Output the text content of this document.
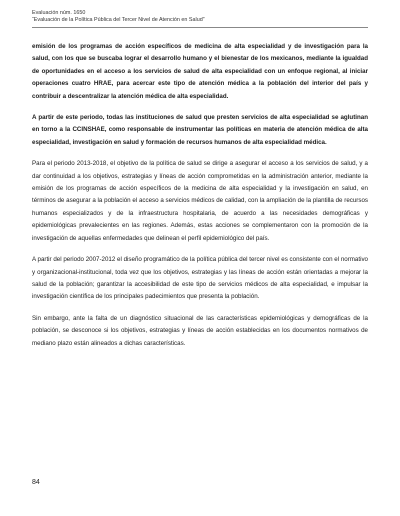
Evaluación núm. 1650
“Evaluación de la Política Pública del Tercer Nivel de Atención en Salud”

emisión de los programas de acción específicos de medicina de alta especialidad y de investigación para la salud, con los que se buscaba lograr el desarrollo humano y el bienestar de los mexicanos, mediante la igualdad de oportunidades en el acceso a los servicios de salud de alta especialidad con un enfoque regional, al iniciar operaciones cuatro HRAE, para acercar este tipo de atención médica a la población del interior del país y contribuir a descentralizar la atención médica de alta especialidad.

A partir de este periodo, todas las instituciones de salud que presten servicios de alta especialidad se aglutinan en torno a la CCINSHAE, como responsable de instrumentar las políticas en materia de atención médica de alta especialidad, investigación en salud y formación de recursos humanos de alta especialidad médica.

Para el periodo 2013-2018, el objetivo de la política de salud se dirige a asegurar el acceso a los servicios de salud, y a dar continuidad a los objetivos, estrategias y líneas de acción comprometidas en la administración anterior, mediante la emisión de los programas de acción específicos de la medicina de alta especialidad y la investigación en salud, en términos de asegurar a la población el acceso a servicios médicos de calidad, con la ampliación de la plantilla de recursos humanos especializados y de la infraestructura hospitalaria, de acuerdo a las necesidades demográficas y epidemiológicas prevalecientes en las regiones. Además, estas acciones se complementaron con la promoción de la investigación de aquellas enfermedades que delinean el perfil epidemiológico del país.

A partir del periodo 2007-2012 el diseño programático de la política pública del tercer nivel es consistente con el normativo y organizacional-institucional, toda vez que los objetivos, estrategias y las líneas de acción están orientadas a mejorar la salud de la población; garantizar la accesibilidad de este tipo de servicios médicos de alta especialidad, e impulsar la investigación científica de los principales padecimientos que presenta la población.

Sin embargo, ante la falta de un diagnóstico situacional de las características epidemiológicas y demográficas de la población, se desconoce si los objetivos, estrategias y líneas de acción establecidas en los documentos normativos de mediano plazo están alineados a dichas características.

84
